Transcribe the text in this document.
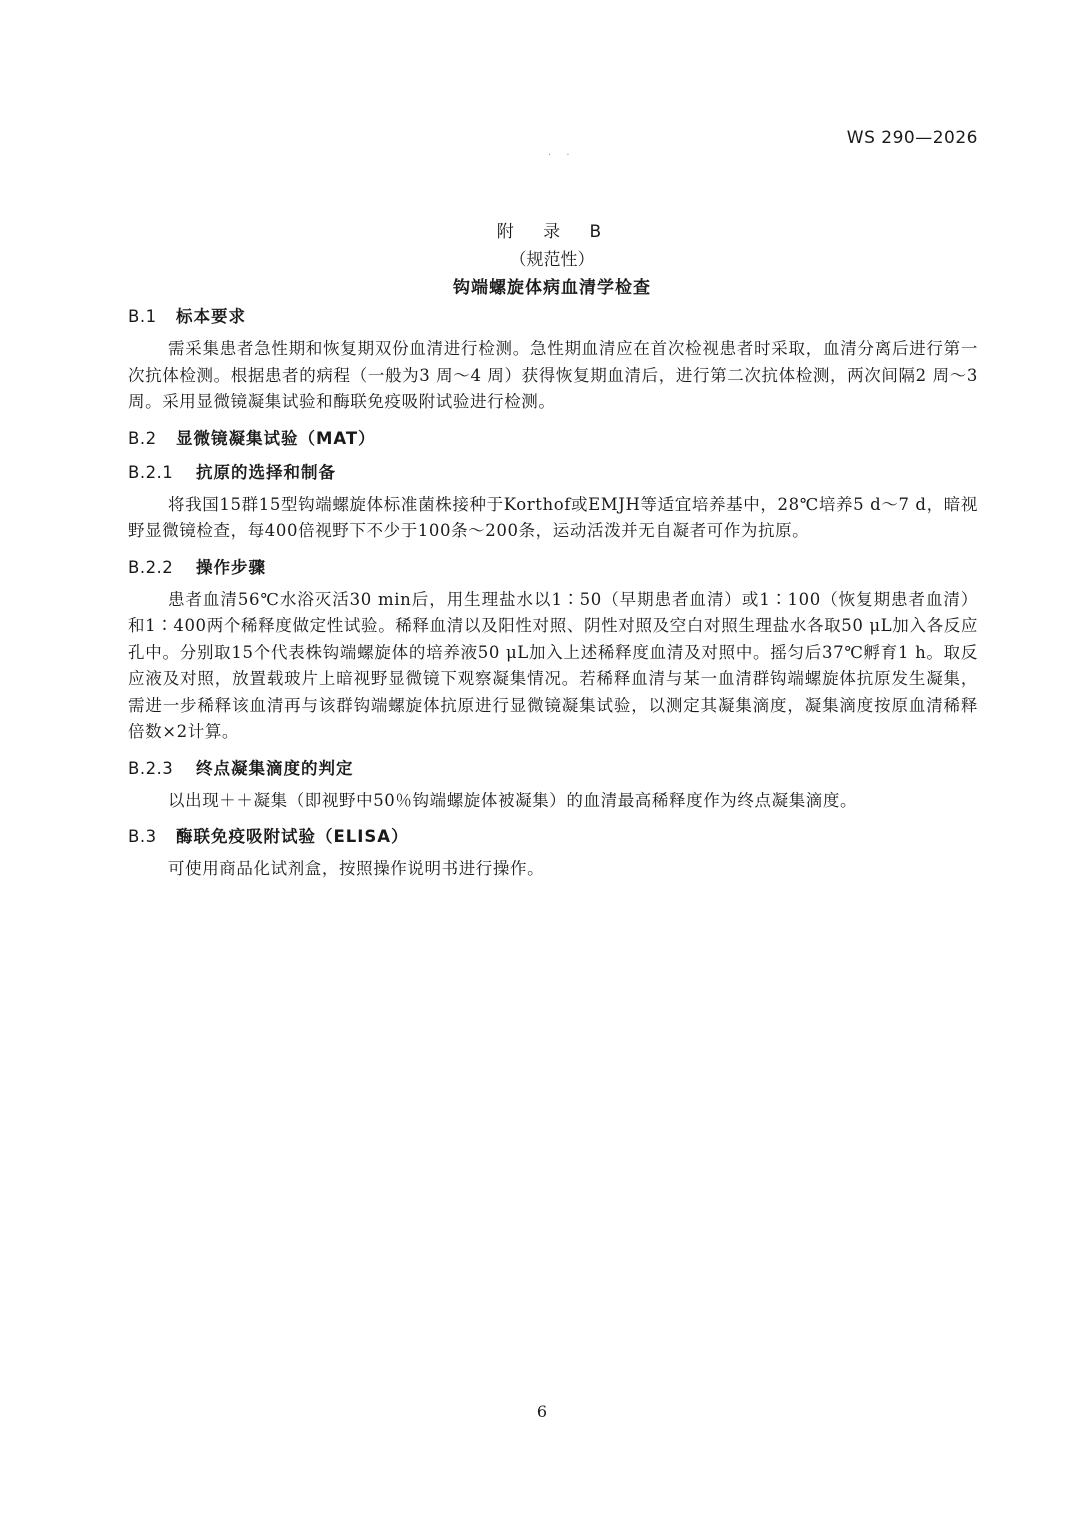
WS 290—2026
· ·
附 录 B
（规范性）
钩端螺旋体病血清学检查
B.1 标本要求

需采集患者急性期和恢复期双份血清进行检测。急性期血清应在首次检视患者时采取，血清分离后进行第一次抗体检测。根据患者的病程（一般为3 周～4 周）获得恢复期血清后，进行第二次抗体检测，两次间隔2 周～3 周。采用显微镜凝集试验和酶联免疫吸附试验进行检测。

B.2 显微镜凝集试验（MAT）
B.2.1 抗原的选择和制备

将我国15群15型钩端螺旋体标准菌株接种于Korthof或EMJH等适宜培养基中，28℃培养5 d～7 d，暗视野显微镜检查，每400倍视野下不少于100条～200条，运动活泼并无自凝者可作为抗原。

B.2.2 操作步骤

患者血清56℃水浴灭活30 min后，用生理盐水以1∶50（早期患者血清）或1∶100（恢复期患者血清）和1∶400两个稀释度做定性试验。稀释血清以及阳性对照、阴性对照及空白对照生理盐水各取50 μL加入各反应孔中。分别取15个代表株钩端螺旋体的培养液50 μL加入上述稀释度血清及对照中。摇匀后37℃孵育1 h。取反应液及对照，放置载玻片上暗视野显微镜下观察凝集情况。若稀释血清与某一血清群钩端螺旋体抗原发生凝集，需进一步稀释该血清再与该群钩端螺旋体抗原进行显微镜凝集试验，以测定其凝集滴度，凝集滴度按原血清稀释倍数×2计算。

B.2.3 终点凝集滴度的判定

以出现＋＋凝集（即视野中50％钩端螺旋体被凝集）的血清最高稀释度作为终点凝集滴度。

B.3 酶联免疫吸附试验（ELISA）

可使用商品化试剂盒，按照操作说明书进行操作。

6
